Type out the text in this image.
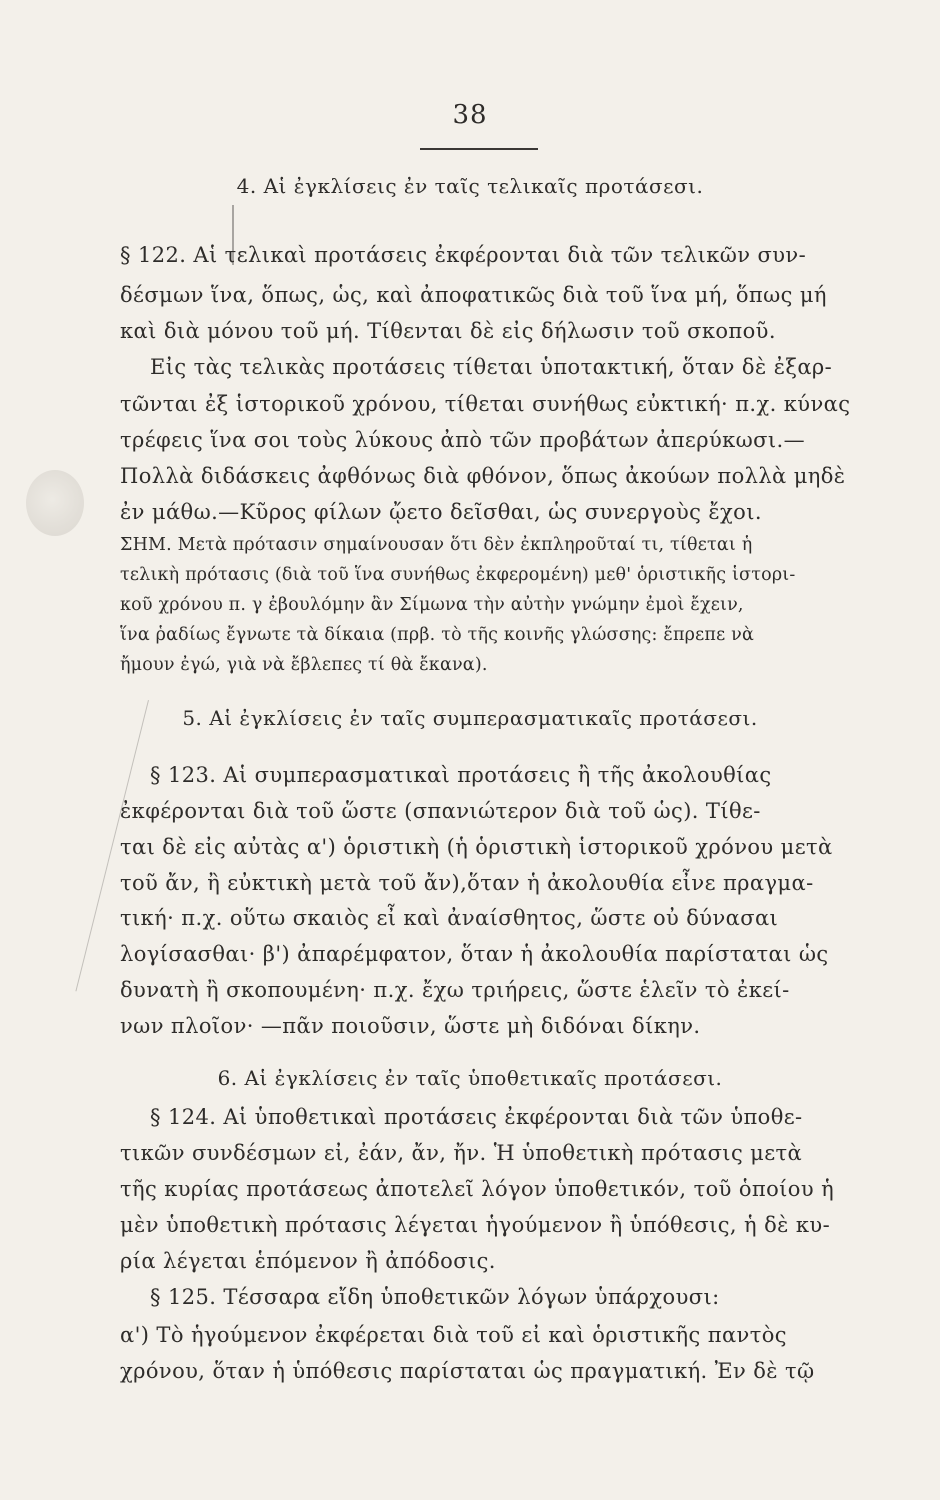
38
4. Αἱ ἐγκλίσεις ἐν ταῖς τελικαῖς προτάσεσι.
§ 122. Αἱ τελικαὶ προτάσεις ἐκφέρονται διὰ τῶν τελικῶν συν-
δέσμων ἵνα, ὅπως, ὡς, καὶ ἀποφατικῶς διὰ τοῦ ἵνα μή, ὅπως μή
καὶ διὰ μόνου τοῦ μή. Τίθενται δὲ εἰς δήλωσιν τοῦ σκοποῦ.
Εἰς τὰς τελικὰς προτάσεις τίθεται ὑποτακτική, ὅταν δὲ ἐξαρ-
τῶνται ἐξ ἱστορικοῦ χρόνου, τίθεται συνήθως εὐκτική· π.χ. κύνας
τρέφεις ἵνα σοι τοὺς λύκους ἀπὸ τῶν προβάτων ἀπερύκωσι.—
Πολλὰ διδάσκεις ἀφθόνως διὰ φθόνον, ὅπως ἀκούων πολλὰ μηδὲ
ἐν μάθω.—Κῦρος φίλων ᾤετο δεῖσθαι, ὡς συνεργοὺς ἔχοι.
ΣΗΜ. Μετὰ πρότασιν σημαίνουσαν ὅτι δὲν ἐκπληροῦταί τι, τίθεται ἡ
τελικὴ πρότασις (διὰ τοῦ ἵνα συνήθως ἐκφερομένη) μεθ' ὁριστικῆς ἱστορι-
κοῦ χρόνου π. γ ἐβουλόμην ἂν Σίμωνα τὴν αὐτὴν γνώμην ἐμοὶ ἔχειν,
ἵνα ῥαδίως ἔγνωτε τὰ δίκαια (πρβ. τὸ τῆς κοινῆς γλώσσης: ἔπρεπε νὰ
ἤμουν ἐγώ, γιὰ νὰ ἔβλεπες τί θὰ ἔκανα).
5. Αἱ ἐγκλίσεις ἐν ταῖς συμπερασματικαῖς προτάσεσι.
§ 123. Αἱ συμπερασματικαὶ προτάσεις ἢ τῆς ἀκολουθίας
ἐκφέρονται διὰ τοῦ ὥστε (σπανιώτερον διὰ τοῦ ὡς). Τίθε-
ται δὲ εἰς αὐτὰς α') ὁριστικὴ (ἡ ὁριστικὴ ἱστορικοῦ χρόνου μετὰ
τοῦ ἄν, ἢ εὐκτικὴ μετὰ τοῦ ἄν),ὅταν ἡ ἀκολουθία εἶνε πραγμα-
τική· π.χ. οὕτω σκαιὸς εἶ καὶ ἀναίσθητος, ὥστε οὐ δύνασαι
λογίσασθαι· β') ἀπαρέμφατον, ὅταν ἡ ἀκολουθία παρίσταται ὡς
δυνατὴ ἢ σκοπουμένη· π.χ. ἔχω τριήρεις, ὥστε ἑλεῖν τὸ ἐκεί-
νων πλοῖον· —πᾶν ποιοῦσιν, ὥστε μὴ διδόναι δίκην.
6. Αἱ ἐγκλίσεις ἐν ταῖς ὑποθετικαῖς προτάσεσι.
§ 124. Αἱ ὑποθετικαὶ προτάσεις ἐκφέρονται διὰ τῶν ὑποθε-
τικῶν συνδέσμων εἰ, ἐάν, ἄν, ἤν. Ἡ ὑποθετικὴ πρότασις μετὰ
τῆς κυρίας προτάσεως ἀποτελεῖ λόγον ὑποθετικόν, τοῦ ὁποίου ἡ
μὲν ὑποθετικὴ πρότασις λέγεται ἡγούμενον ἢ ὑπόθεσις, ἡ δὲ κυ-
ρία λέγεται ἑπόμενον ἢ ἀπόδοσις.
§ 125. Τέσσαρα εἴδη ὑποθετικῶν λόγων ὑπάρχουσι:
α') Τὸ ἡγούμενον ἐκφέρεται διὰ τοῦ εἰ καὶ ὁριστικῆς παντὸς
χρόνου, ὅταν ἡ ὑπόθεσις παρίσταται ὡς πραγματική. Ἐν δὲ τῷ
